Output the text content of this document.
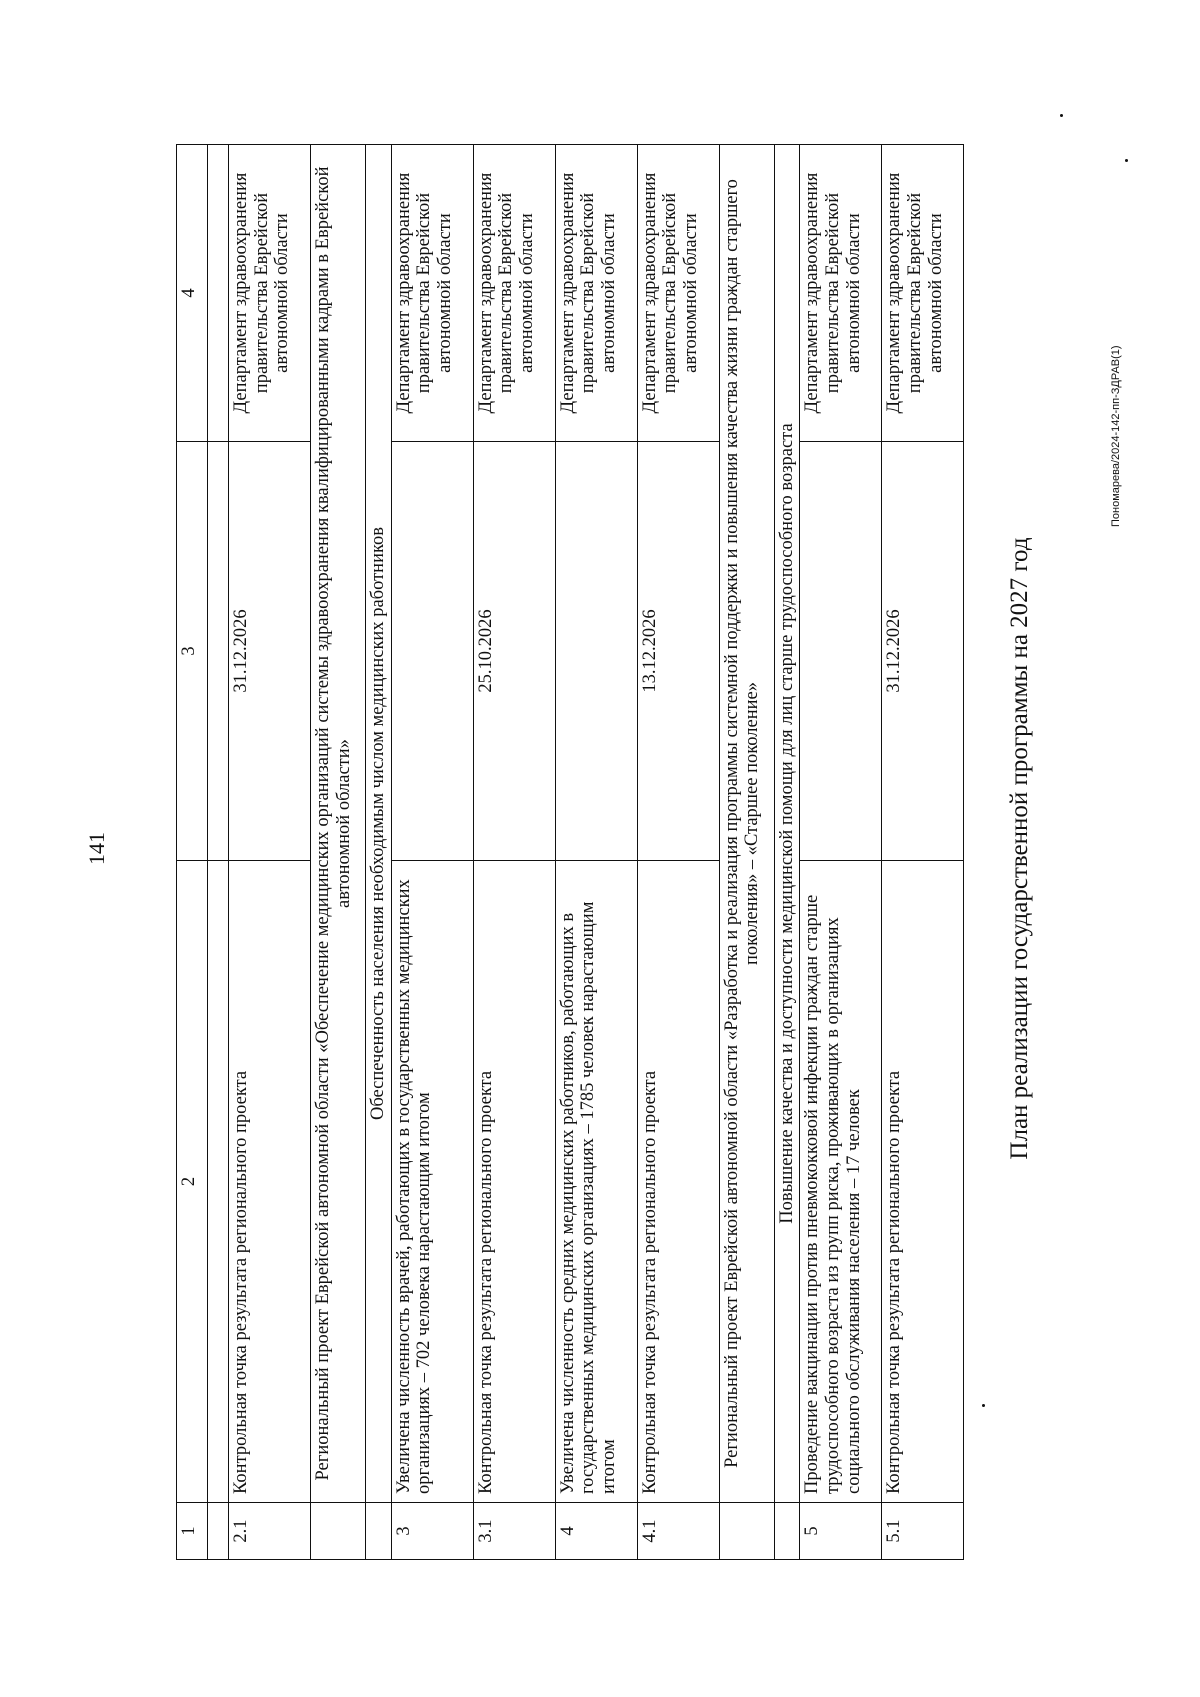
141
1	2	3	4

2.1	Контрольная точка результата регионального проекта	31.12.2026	Департамент здравоохранения правительства Еврейской автономной области
	Региональный проект Еврейской автономной области «Обеспечение медицинских организаций системы здравоохранения квалифицированными кадрами в Еврейской автономной области»		
	Обеспеченность населения необходимым числом медицинских работников		
3	Увеличена численность врачей, работающих в государственных медицинских организациях – 702 человека нарастающим итогом		Департамент здравоохранения правительства Еврейской автономной области
3.1	Контрольная точка результата регионального проекта	25.10.2026	Департамент здравоохранения правительства Еврейской автономной области
4	Увеличена численность средних медицинских работников, работающих в государственных медицинских организациях – 1785 человек нарастающим итогом		Департамент здравоохранения правительства Еврейской автономной области
4.1	Контрольная точка результата регионального проекта	13.12.2026	Департамент здравоохранения правительства Еврейской автономной области
	Региональный проект Еврейской автономной области «Разработка и реализация программы системной поддержки и повышения качества жизни граждан старшего поколения» – «Старшее поколение»		
	Повышение качества и доступности медицинской помощи для лиц старше трудоспособного возраста		
5	Проведение вакцинации против пневмококковой инфекции граждан старше трудоспособного возраста из групп риска, проживающих в организациях социального обслуживания населения – 17 человек		Департамент здравоохранения правительства Еврейской автономной области
5.1	Контрольная точка результата регионального проекта	31.12.2026	Департамент здравоохранения правительства Еврейской автономной области
План реализации государственной программы на 2027 год
Пономарева/2024-142-пп-ЗДРАВ(1)
